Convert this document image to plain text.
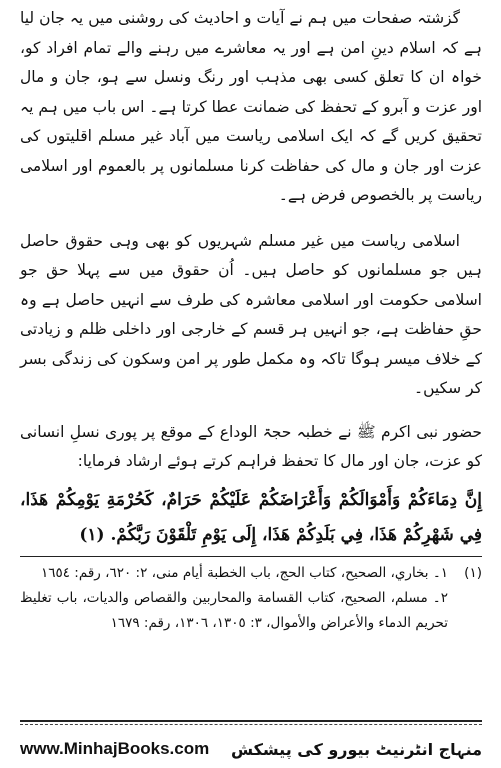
گزشتہ صفحات میں ہم نے آیات و احادیث کی روشنی میں یہ جان لیا ہے کہ اسلام دینِ امن ہے اور یہ معاشرے میں رہنے والے تمام افراد کو، خواہ ان کا تعلق کسی بھی مذہب اور رنگ ونسل سے ہو، جان و مال اور عزت و آبرو کے تحفظ کی ضمانت عطا کرتا ہے۔ اس باب میں ہم یہ تحقیق کریں گے کہ ایک اسلامی ریاست میں آباد غیر مسلم اقلیتوں کی عزت اور جان و مال کی حفاظت کرنا مسلمانوں پر بالعموم اور اسلامی ریاست پر بالخصوص فرض ہے۔

اسلامی ریاست میں غیر مسلم شہریوں کو بھی وہی حقوق حاصل ہیں جو مسلمانوں کو حاصل ہیں۔ اُن حقوق میں سے پہلا حق جو اسلامی حکومت اور اسلامی معاشرہ کی طرف سے انہیں حاصل ہے وہ حقِ حفاظت ہے، جو انہیں ہر قسم کے خارجی اور داخلی ظلم و زیادتی کے خلاف میسر ہوگا تاکہ وہ مکمل طور پر امن وسکون کی زندگی بسر کر سکیں۔

حضور نبی اکرم ﷺ نے خطبہ حجۃ الوداع کے موقع پر پوری نسلِ انسانی کو عزت، جان اور مال کا تحفظ فراہم کرتے ہوئے ارشاد فرمایا:

إِنَّ دِمَاءَكُمْ وَأَمْوَالَكُمْ وَأَعْرَاضَكُمْ عَلَيْكُمْ حَرَامٌ، كَحُرْمَةِ يَوْمِكُمْ هَذَا، فِي شَهْرِكُمْ هَذَا، فِي بَلَدِكُمْ هَذَا، إِلَى يَوْمِ تَلْقَوْنَ رَبَّكُمْ. (١)

(١)
١۔ بخاري، الصحيح، كتاب الحج، باب الخطبة أيام منى، ٢: ٦٢٠، رقم: ١٦٥٤
٢۔ مسلم، الصحيح، كتاب القسامة والمحاربين والقصاص والديات، باب تغليظ تحريم الدماء والأعراض والأموال، ٣: ١٣٠٥، ١٣٠٦، رقم: ١٦٧٩
www.MinhajBooks.com منہاج انٹرنیٹ بیورو کی پیشکش
